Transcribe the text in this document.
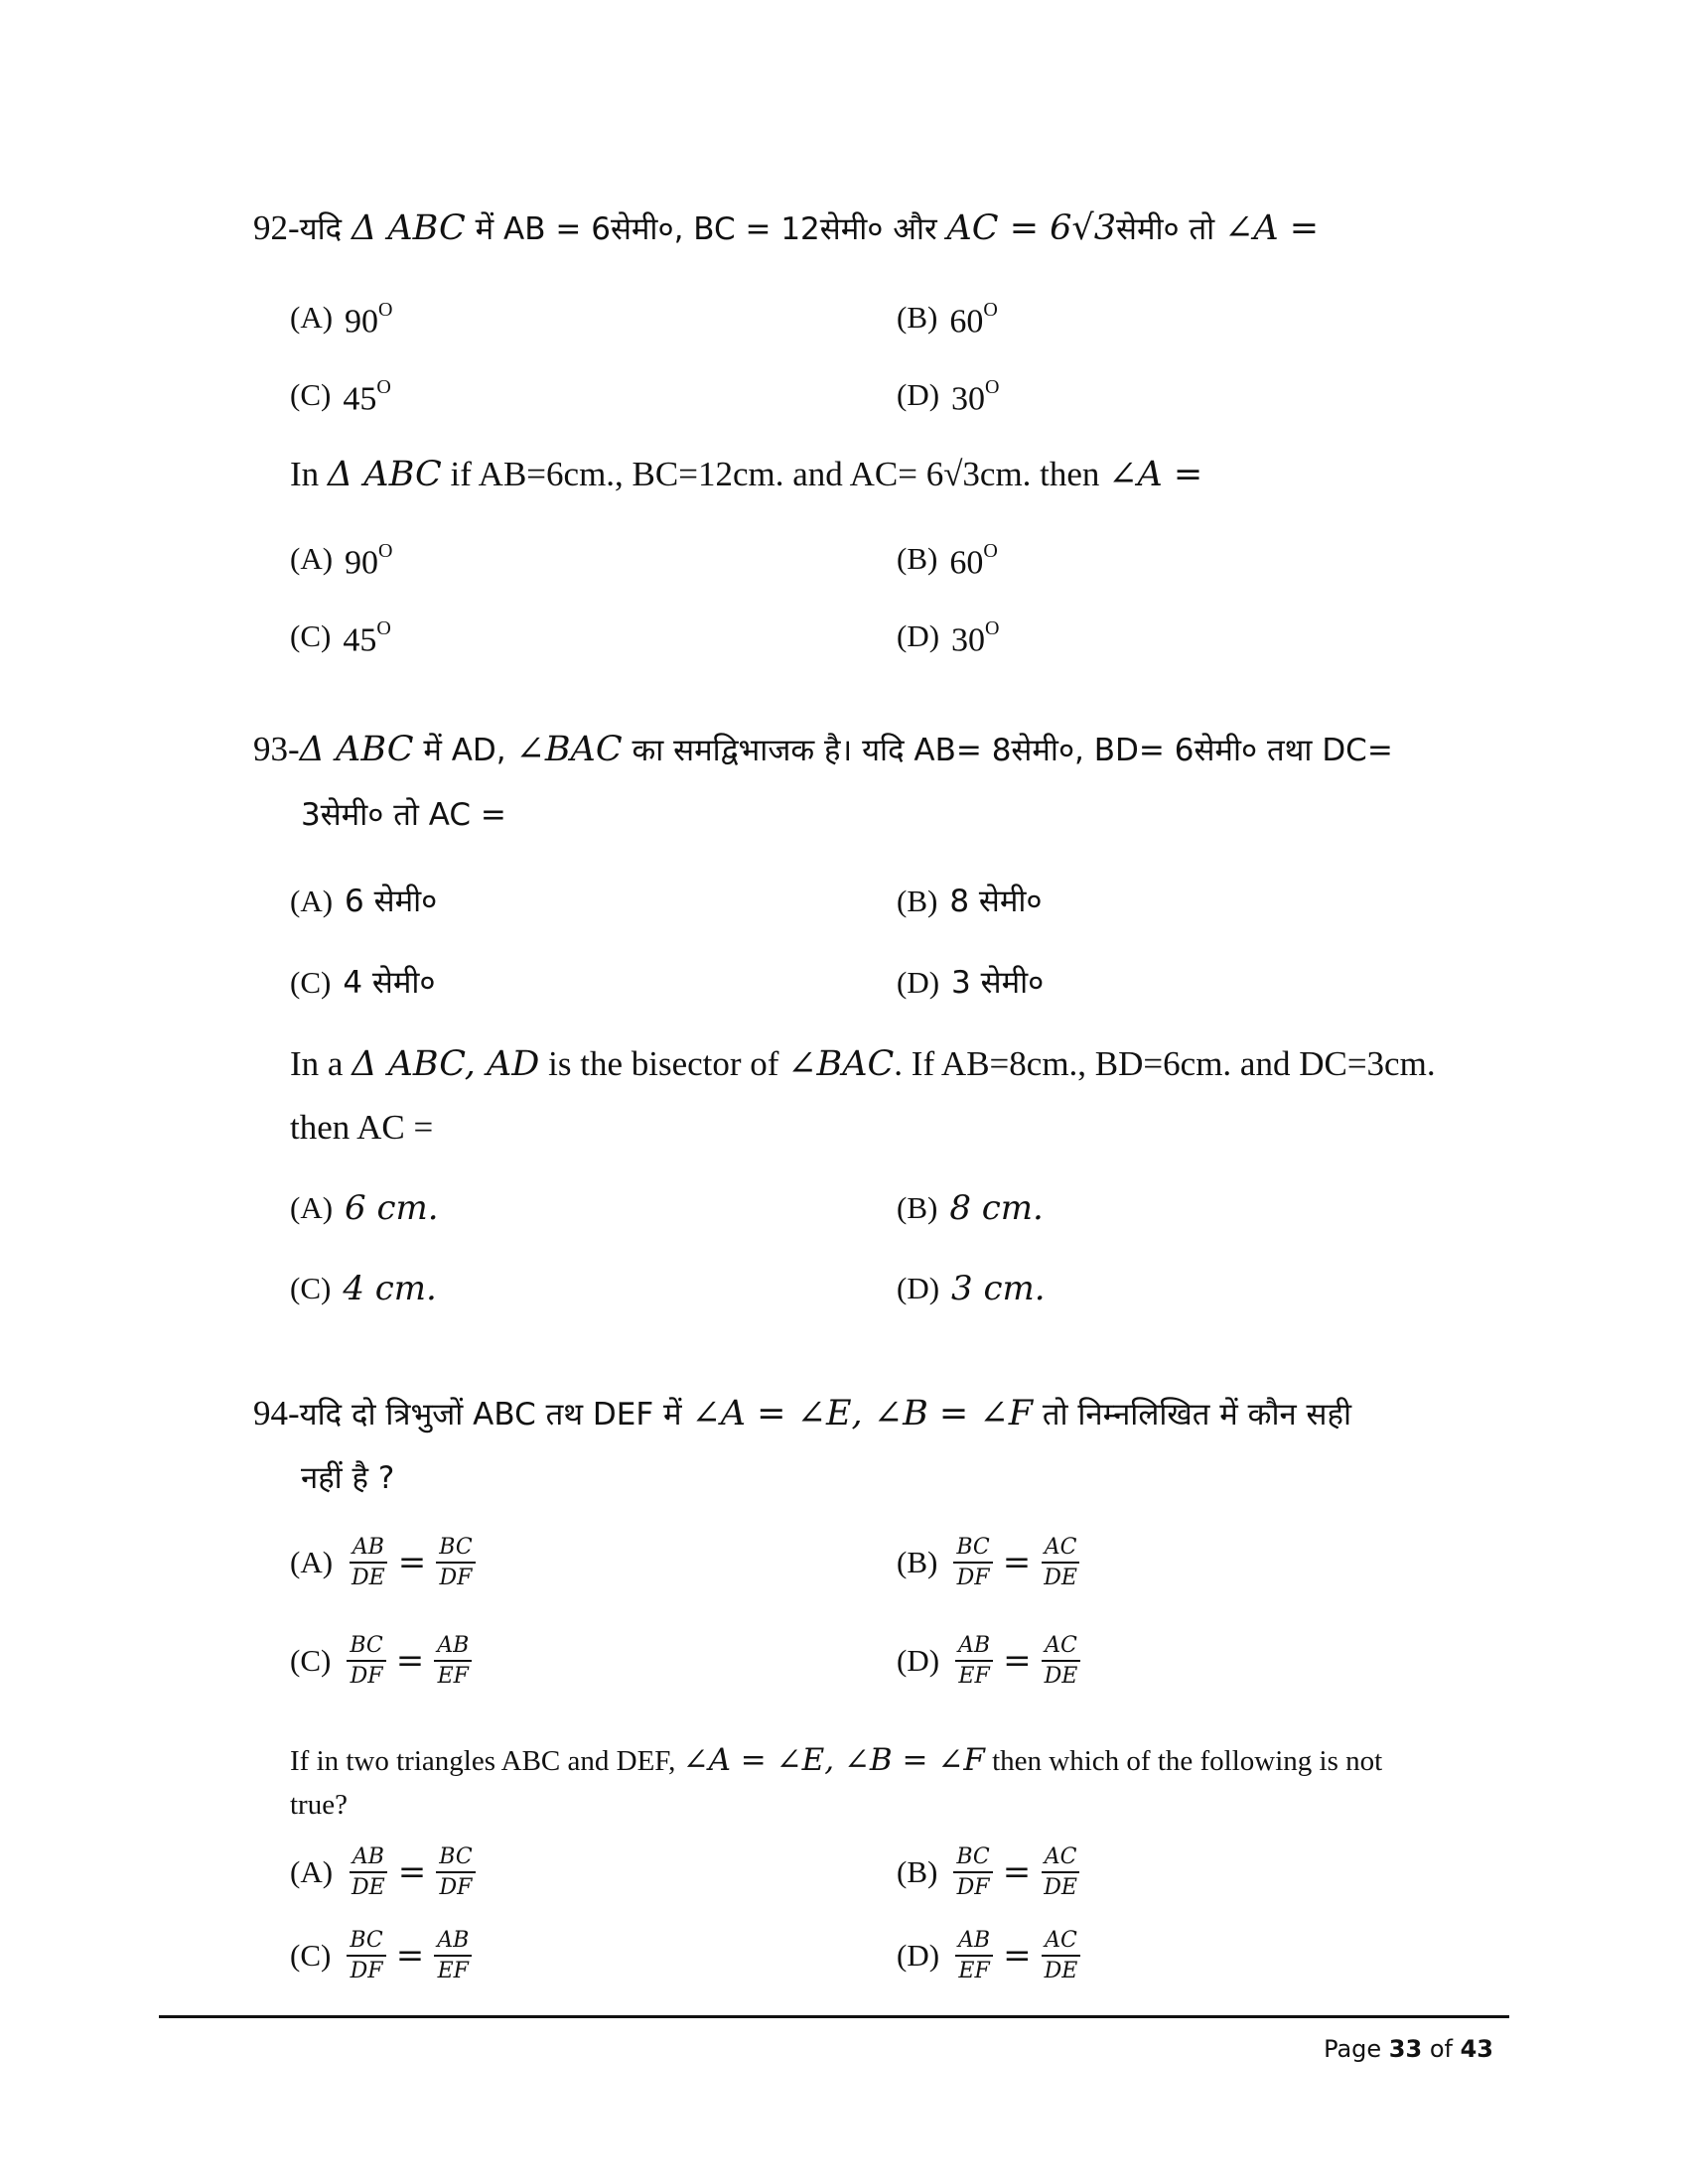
92-यदि Δ ABC में AB = 6सेमी०, BC = 12सेमी० और AC = 6√3सेमी० तो ∠A =
(A) $90^O$	(B) $60^O$
(C) $45^O$	(D) $30^O$
In Δ ABC if AB=6cm., BC=12cm. and AC= 6√3cm. then ∠A =
(A) $90^O$	(B) $60^O$
(C) $45^O$	(D) $30^O$
93-Δ ABC में AD, ∠BAC का समद्विभाजक है। यदि AB= 8सेमी०, BD= 6सेमी० तथा DC=
3सेमी० तो AC =
(A) 6 सेमी०	(B) 8 सेमी०
(C) 4 सेमी०	(D) 3 सेमी०
In a Δ ABC, AD is the bisector of ∠BAC. If AB=8cm., BD=6cm. and DC=3cm.
then AC =
(A) 6 cm.	(B) 8 cm.
(C) 4 cm.	(D) 3 cm.
94-यदि दो त्रिभुजों ABC तथ DEF में ∠A = ∠E, ∠B = ∠F तो निम्नलिखित में कौन सही
नहीं है ?
$(A) \frac{AB}{DE} = \frac{BC}{DF}$	$(B) \frac{BC}{DF} = \frac{AC}{DE}$
$(C) \frac{BC}{DF} = \frac{AB}{EF}$	$(D) \frac{AB}{EF} = \frac{AC}{DE}$
If in two triangles ABC and DEF, ∠A = ∠E, ∠B = ∠F then which of the following is not
true?
$(A) \frac{AB}{DE} = \frac{BC}{DF}$	$(B) \frac{BC}{DF} = \frac{AC}{DE}$
$(C) \frac{BC}{DF} = \frac{AB}{EF}$	$(D) \frac{AB}{EF} = \frac{AC}{DE}$
Page 33 of 43
